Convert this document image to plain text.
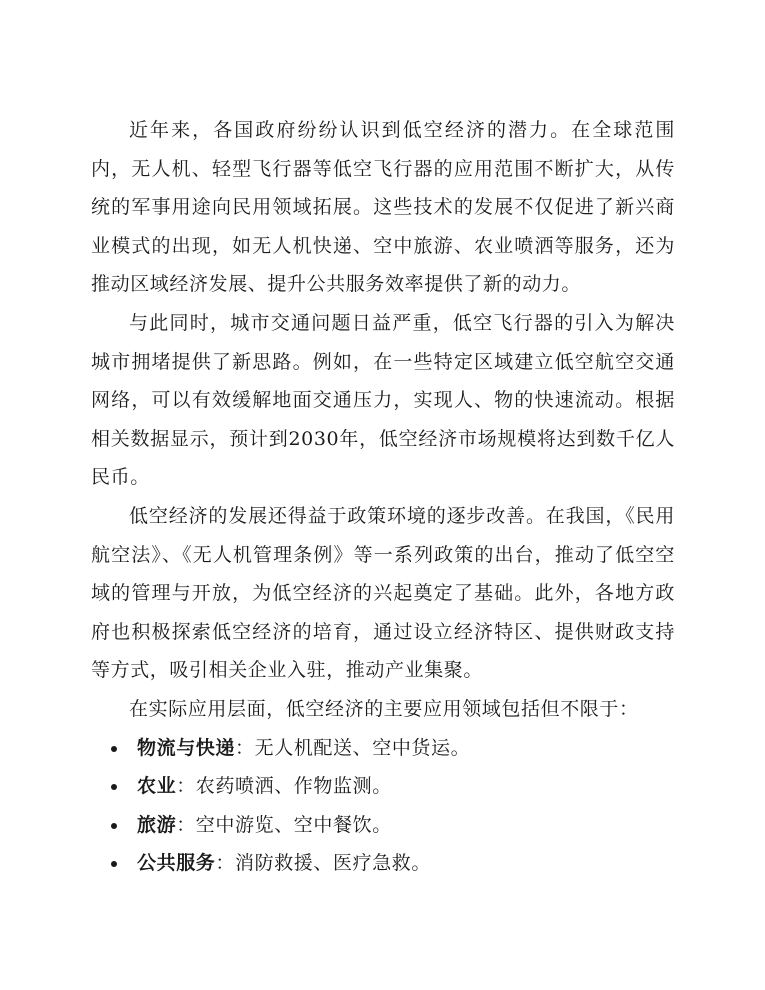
近年来，各国政府纷纷认识到低空经济的潜力。在全球范围内，无人机、轻型飞行器等低空飞行器的应用范围不断扩大，从传统的军事用途向民用领域拓展。这些技术的发展不仅促进了新兴商业模式的出现，如无人机快递、空中旅游、农业喷洒等服务，还为推动区域经济发展、提升公共服务效率提供了新的动力。

与此同时，城市交通问题日益严重，低空飞行器的引入为解决城市拥堵提供了新思路。例如，在一些特定区域建立低空航空交通网络，可以有效缓解地面交通压力，实现人、物的快速流动。根据相关数据显示，预计到2030年，低空经济市场规模将达到数千亿人民币。

低空经济的发展还得益于政策环境的逐步改善。在我国，《民用航空法》、《无人机管理条例》等一系列政策的出台，推动了低空空域的管理与开放，为低空经济的兴起奠定了基础。此外，各地方政府也积极探索低空经济的培育，通过设立经济特区、提供财政支持等方式，吸引相关企业入驻，推动产业集聚。

在实际应用层面，低空经济的主要应用领域包括但不限于：

物流与快递：无人机配送、空中货运。
农业：农药喷洒、作物监测。
旅游：空中游览、空中餐饮。
公共服务：消防救援、医疗急救。
